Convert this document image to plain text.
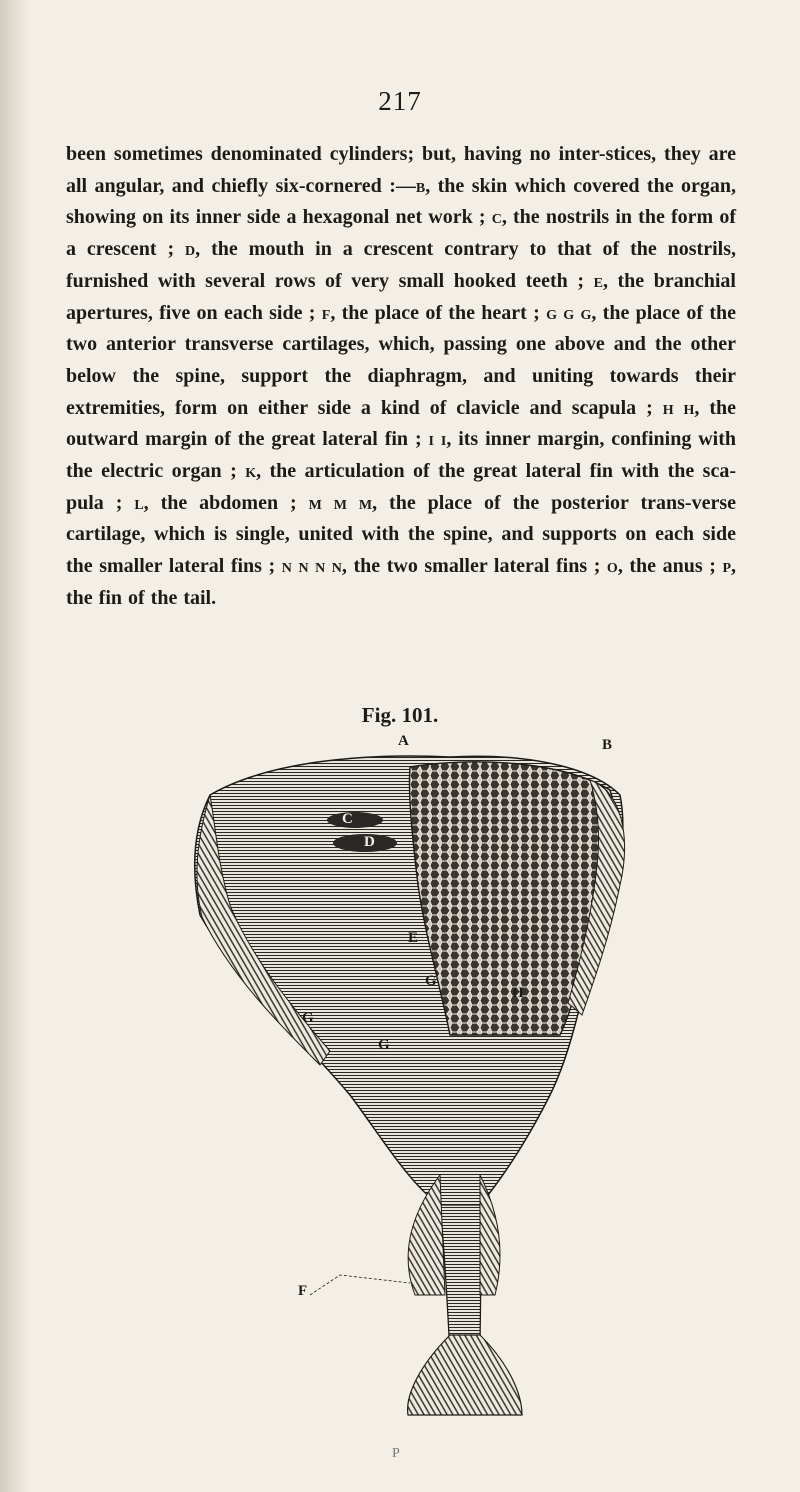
217
been sometimes denominated cylinders; but, having no inter-stices, they are all angular, and chiefly six-cornered :—b, the skin which covered the organ, showing on its inner side a hexagonal net work ; c, the nostrils in the form of a crescent ; d, the mouth in a crescent contrary to that of the nostrils, furnished with several rows of very small hooked teeth ; e, the branchial apertures, five on each side ; f, the place of the heart ; g g g, the place of the two anterior transverse cartilages, which, passing one above and the other below the spine, support the diaphragm, and uniting towards their extremities, form on either side a kind of clavicle and scapula ; h h, the outward margin of the great lateral fin ; i i, its inner margin, confining with the electric organ ; k, the articulation of the great lateral fin with the sca-pula ; l, the abdomen ; m m m, the place of the posterior trans-verse cartilage, which is single, united with the spine, and supports on each side the smaller lateral fins ; n n n n, the two smaller lateral fins ; o, the anus ; p, the fin of the tail.
Fig. 101.
A	B
C
D
E
G
G
G
H
F
P
